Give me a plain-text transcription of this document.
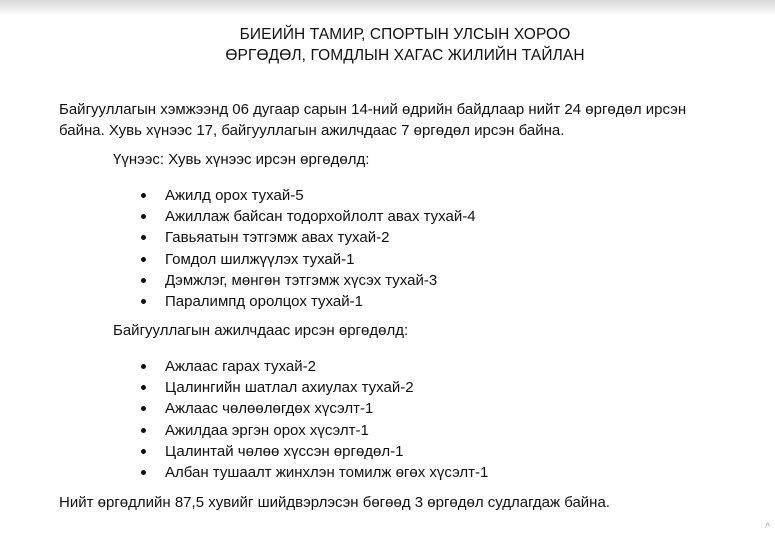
БИЕИЙН ТАМИР, СПОРТЫН УЛСЫН ХОРОО
ӨРГӨДӨЛ, ГОМДЛЫН ХАГАС ЖИЛИЙН ТАЙЛАН
Байгууллагын хэмжээнд 06 дугаар сарын 14-ний өдрийн байдлаар нийт 24 өргөдөл ирсэн
байна. Хувь хүнээс 17, байгууллагын ажилчдаас 7 өргөдөл ирсэн байна.
Үүнээс: Хувь хүнээс ирсэн өргөдөлд:
Ажилд орох тухай-5
Ажиллаж байсан тодорхойлолт авах тухай-4
Гавьяатын тэтгэмж авах тухай-2
Гомдол шилжүүлэх тухай-1
Дэмжлэг, мөнгөн тэтгэмж хүсэх тухай-3
Паралимпд оролцох тухай-1
Байгууллагын ажилчдаас ирсэн өргөдөлд:
Ажлаас гарах тухай-2
Цалингийн шатлал ахиулах тухай-2
Ажлаас чөлөөлөгдөх хүсэлт-1
Ажилдаа эргэн орох хүсэлт-1
Цалинтай чөлөө хүссэн өргөдөл-1
Албан тушаалт жинхлэн томилж өгөх хүсэлт-1
Нийт өргөдлийн 87,5 хувийг шийдвэрлэсэн бөгөөд 3 өргөдөл судлагдаж байна.
^
